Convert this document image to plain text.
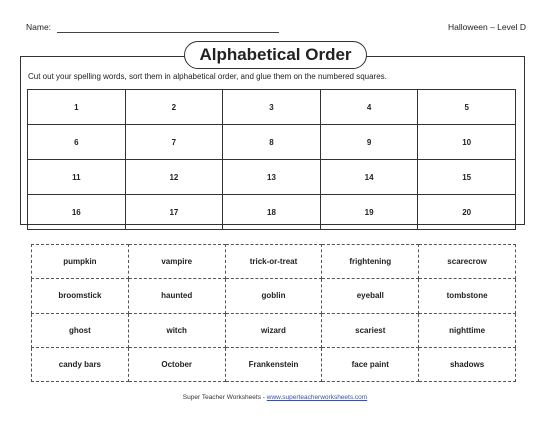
Name:	Halloween – Level D
Alphabetical Order
Cut out your spelling words, sort them in alphabetical order, and glue them on the numbered squares.
1	2	3	4	5
6	7	8	9	10
11	12	13	14	15
16	17	18	19	20
pumpkin	vampire	trick-or-treat	frightening	scarecrow
broomstick	haunted	goblin	eyeball	tombstone
ghost	witch	wizard	scariest	nighttime
candy bars	October	Frankenstein	face paint	shadows
Super Teacher Worksheets - www.superteacherworksheets.com
